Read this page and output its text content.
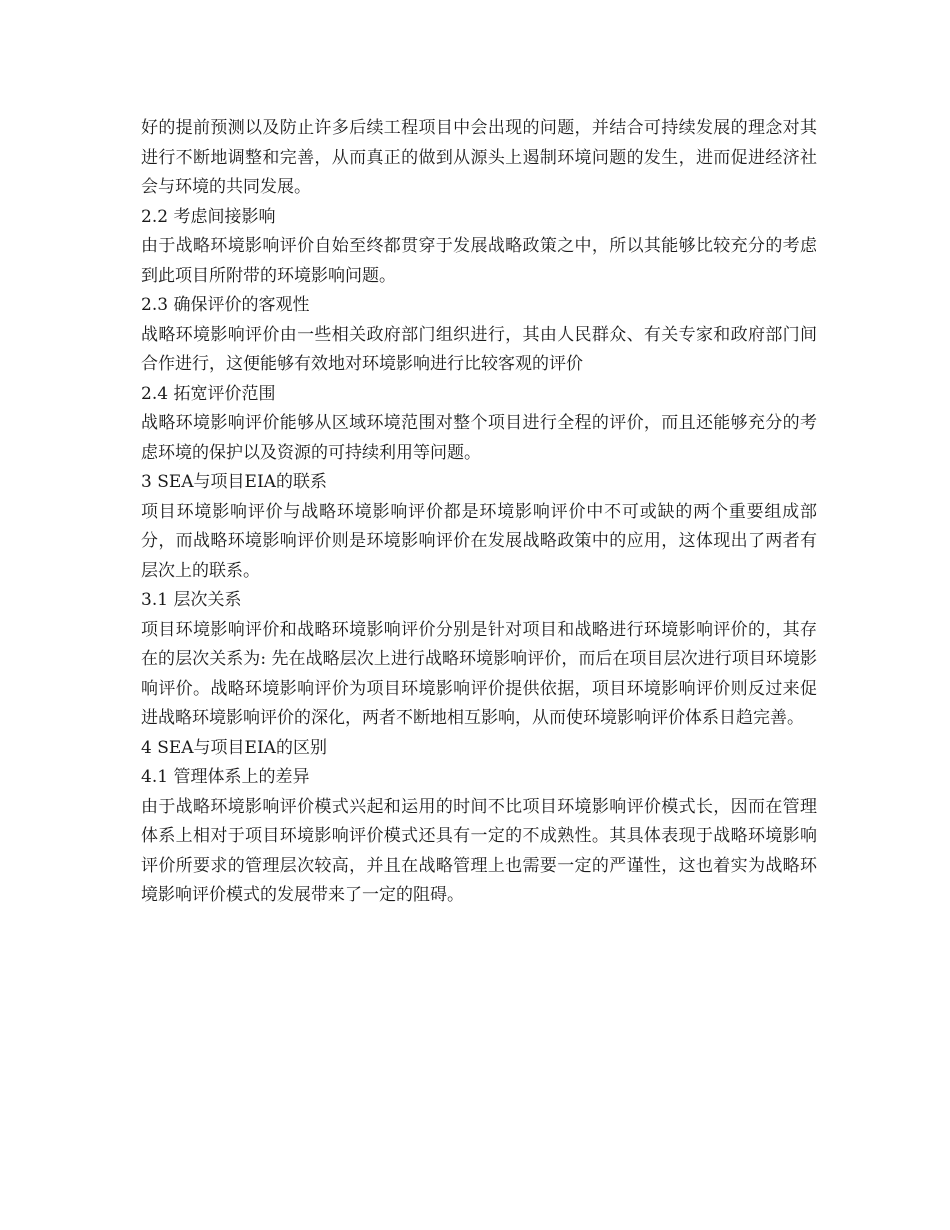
好的提前预测以及防止许多后续工程项目中会出现的问题，并结合可持续发展的理念对其进行不断地调整和完善，从而真正的做到从源头上遏制环境问题的发生，进而促进经济社会与环境的共同发展。

2.2 考虑间接影响

由于战略环境影响评价自始至终都贯穿于发展战略政策之中，所以其能够比较充分的考虑到此项目所附带的环境影响问题。

2.3 确保评价的客观性

战略环境影响评价由一些相关政府部门组织进行，其由人民群众、有关专家和政府部门间合作进行，这便能够有效地对环境影响进行比较客观的评价

2.4 拓宽评价范围

战略环境影响评价能够从区域环境范围对整个项目进行全程的评价，而且还能够充分的考虑环境的保护以及资源的可持续利用等问题。

3 SEA与项目EIA的联系

项目环境影响评价与战略环境影响评价都是环境影响评价中不可或缺的两个重要组成部分，而战略环境影响评价则是环境影响评价在发展战略政策中的应用，这体现出了两者有层次上的联系。

3.1 层次关系

项目环境影响评价和战略环境影响评价分别是针对项目和战略进行环境影响评价的，其存在的层次关系为: 先在战略层次上进行战略环境影响评价，而后在项目层次进行项目环境影响评价。战略环境影响评价为项目环境影响评价提供依据，项目环境影响评价则反过来促进战略环境影响评价的深化，两者不断地相互影响，从而使环境影响评价体系日趋完善。

4 SEA与项目EIA的区别
4.1 管理体系上的差异

由于战略环境影响评价模式兴起和运用的时间不比项目环境影响评价模式长，因而在管理体系上相对于项目环境影响评价模式还具有一定的不成熟性。其具体表现于战略环境影响评价所要求的管理层次较高，并且在战略管理上也需要一定的严谨性，这也着实为战略环境影响评价模式的发展带来了一定的阻碍。
